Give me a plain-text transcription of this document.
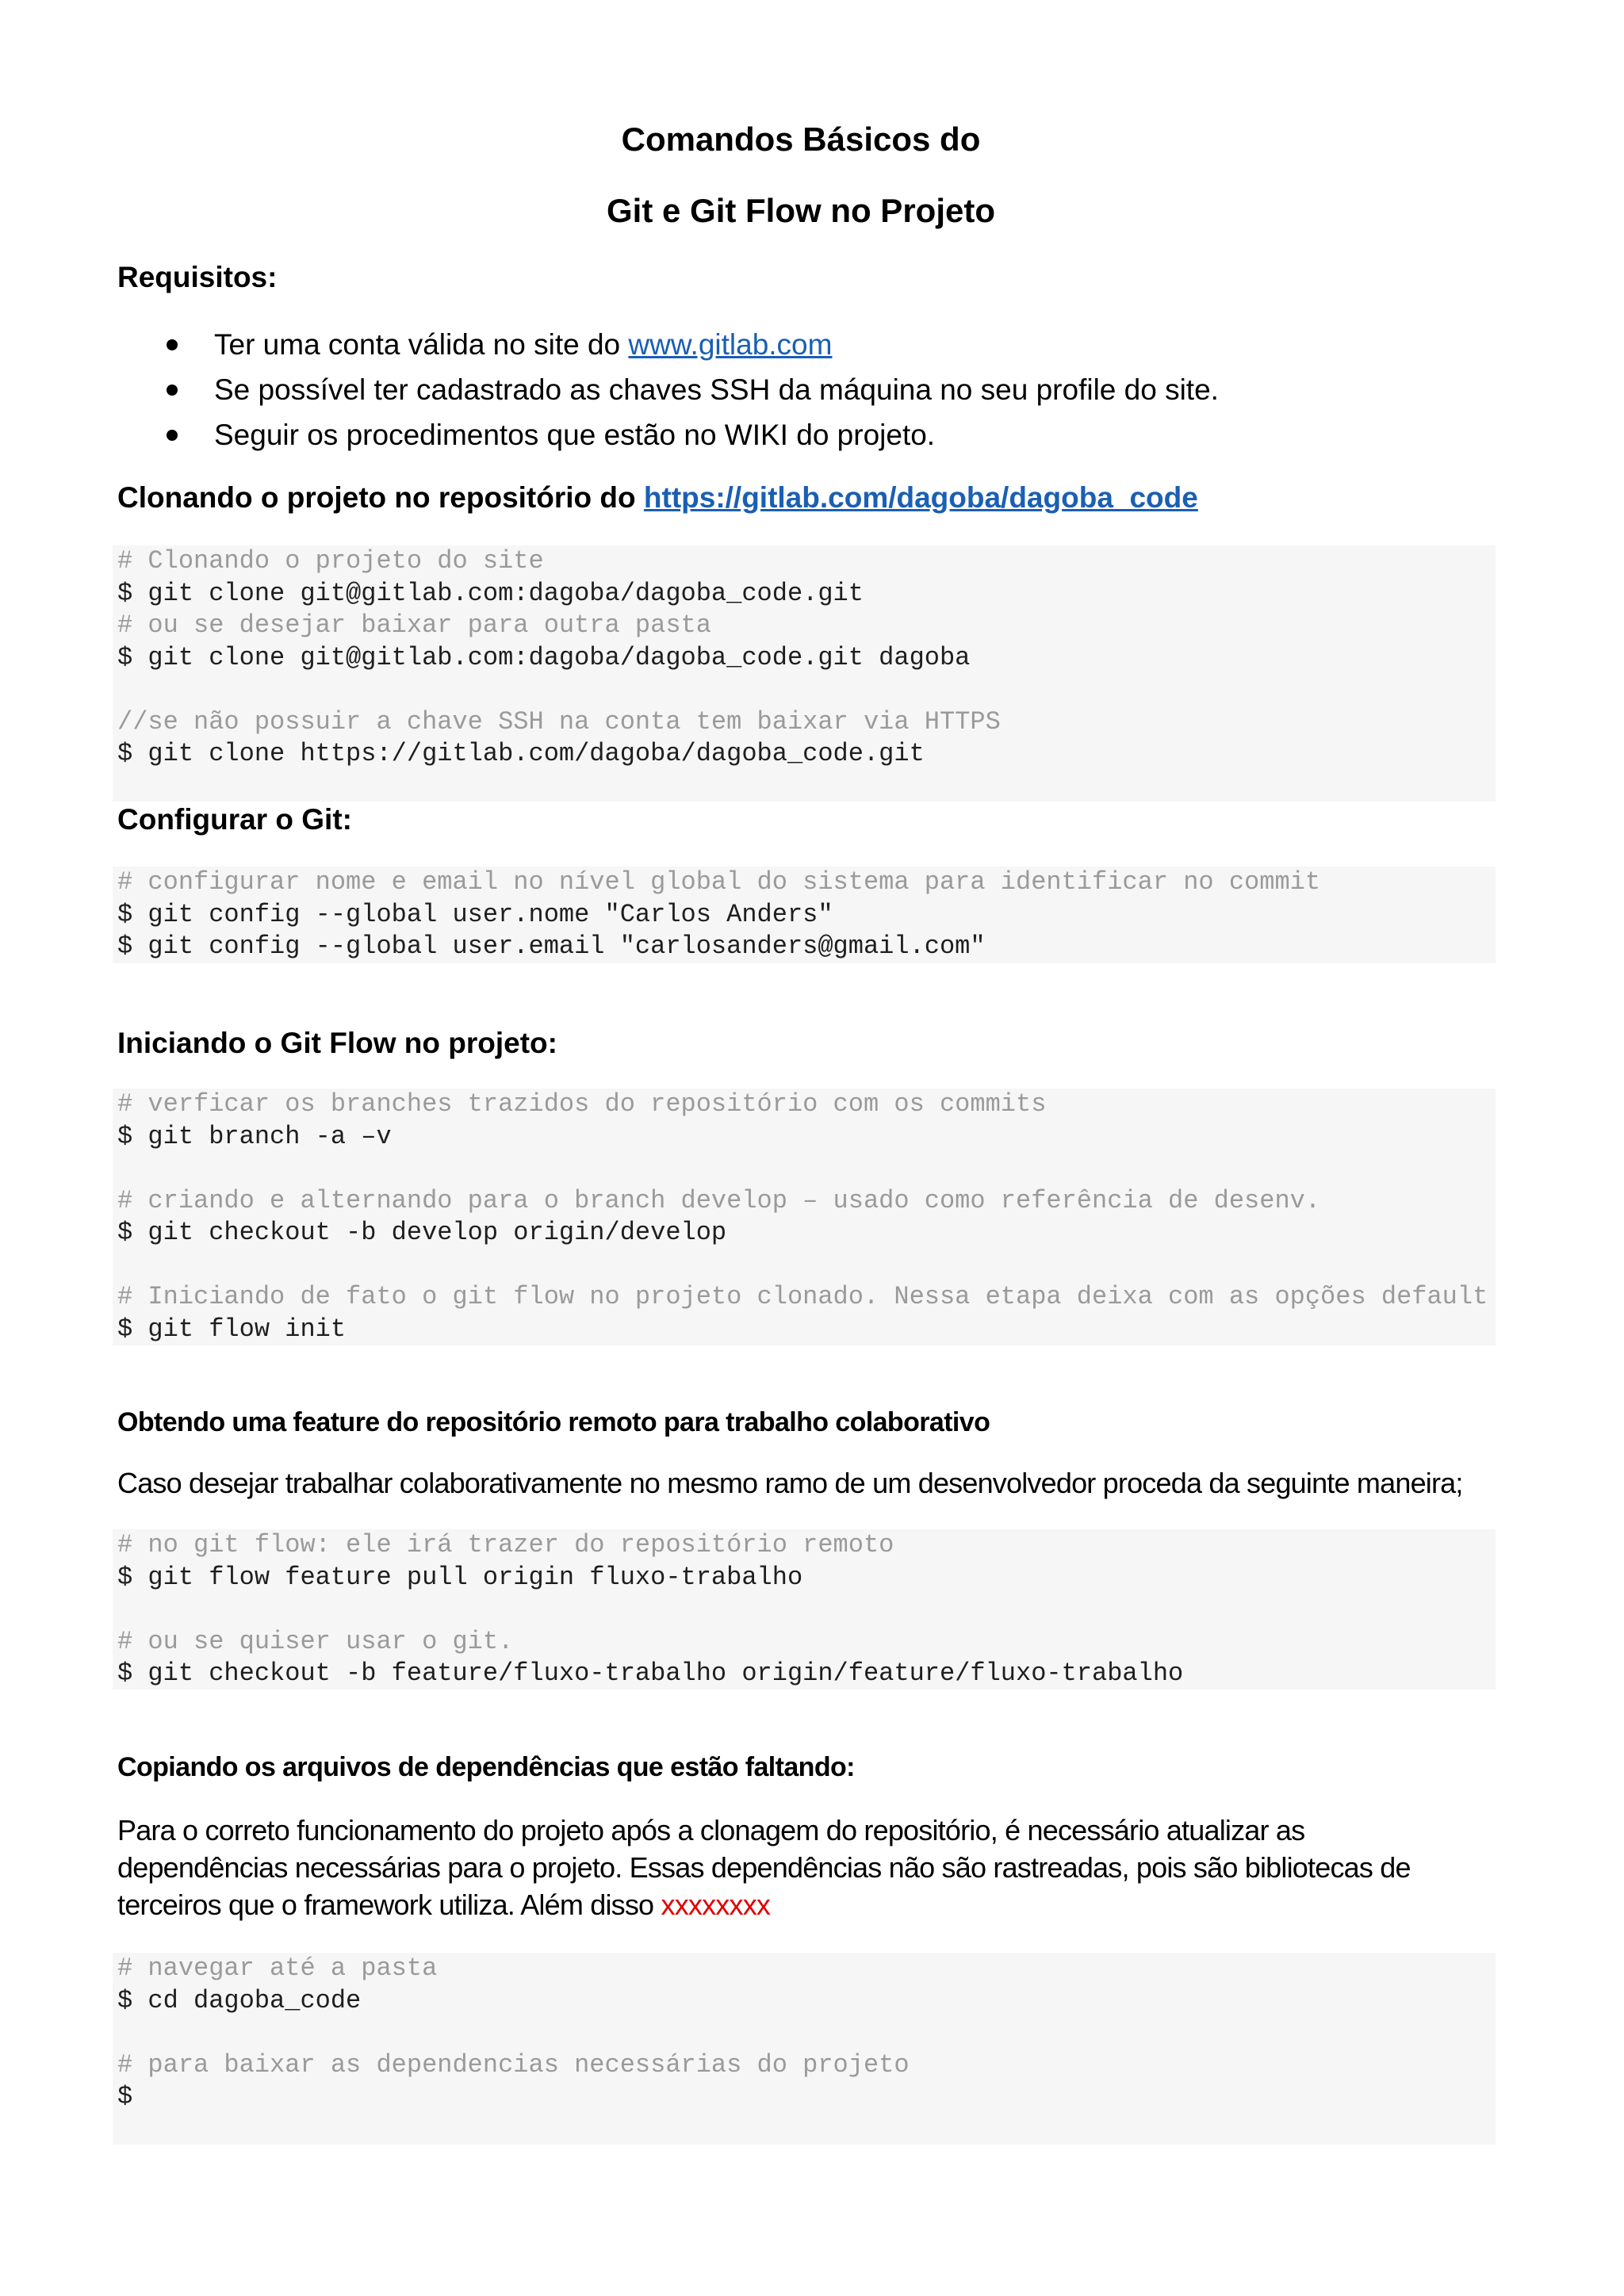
Comandos Básicos do
Git e Git Flow no Projeto
Requisitos:
Ter uma conta válida no site do www.gitlab.com
Se possível ter cadastrado as chaves SSH da máquina no seu profile do site.
Seguir os procedimentos que estão no WIKI do projeto.
Clonando o projeto no repositório do https://gitlab.com/dagoba/dagoba_code
# Clonando o projeto do site
$ git clone git@gitlab.com:dagoba/dagoba_code.git
# ou se desejar baixar para outra pasta
$ git clone git@gitlab.com:dagoba/dagoba_code.git dagoba
//se não possuir a chave SSH na conta tem baixar via HTTPS
$ git clone https://gitlab.com/dagoba/dagoba_code.git
Configurar o Git:
# configurar nome e email no nível global do sistema para identificar no commit
$ git config --global user.nome "Carlos Anders"
$ git config --global user.email "carlosanders@gmail.com"
Iniciando o Git Flow no projeto:
# verficar os branches trazidos do repositório com os commits
$ git branch -a –v
# criando e alternando para o branch develop – usado como referência de desenv.
$ git checkout -b develop origin/develop
# Iniciando de fato o git flow no projeto clonado. Nessa etapa deixa com as opções default
$ git flow init
Obtendo uma feature do repositório remoto para trabalho colaborativo

Caso desejar trabalhar colaborativamente no mesmo ramo de um desenvolvedor proceda da seguinte maneira;

# no git flow: ele irá trazer do repositório remoto
$ git flow feature pull origin fluxo-trabalho
# ou se quiser usar o git.
$ git checkout -b feature/fluxo-trabalho origin/feature/fluxo-trabalho
Copiando os arquivos de dependências que estão faltando:

Para o correto funcionamento do projeto após a clonagem do repositório, é necessário atualizar as
dependências necessárias para o projeto. Essas dependências não são rastreadas, pois são bibliotecas de
terceiros que o framework utiliza. Além disso xxxxxxxx

# navegar até a pasta
$ cd dagoba_code
# para baixar as dependencias necessárias do projeto
$
